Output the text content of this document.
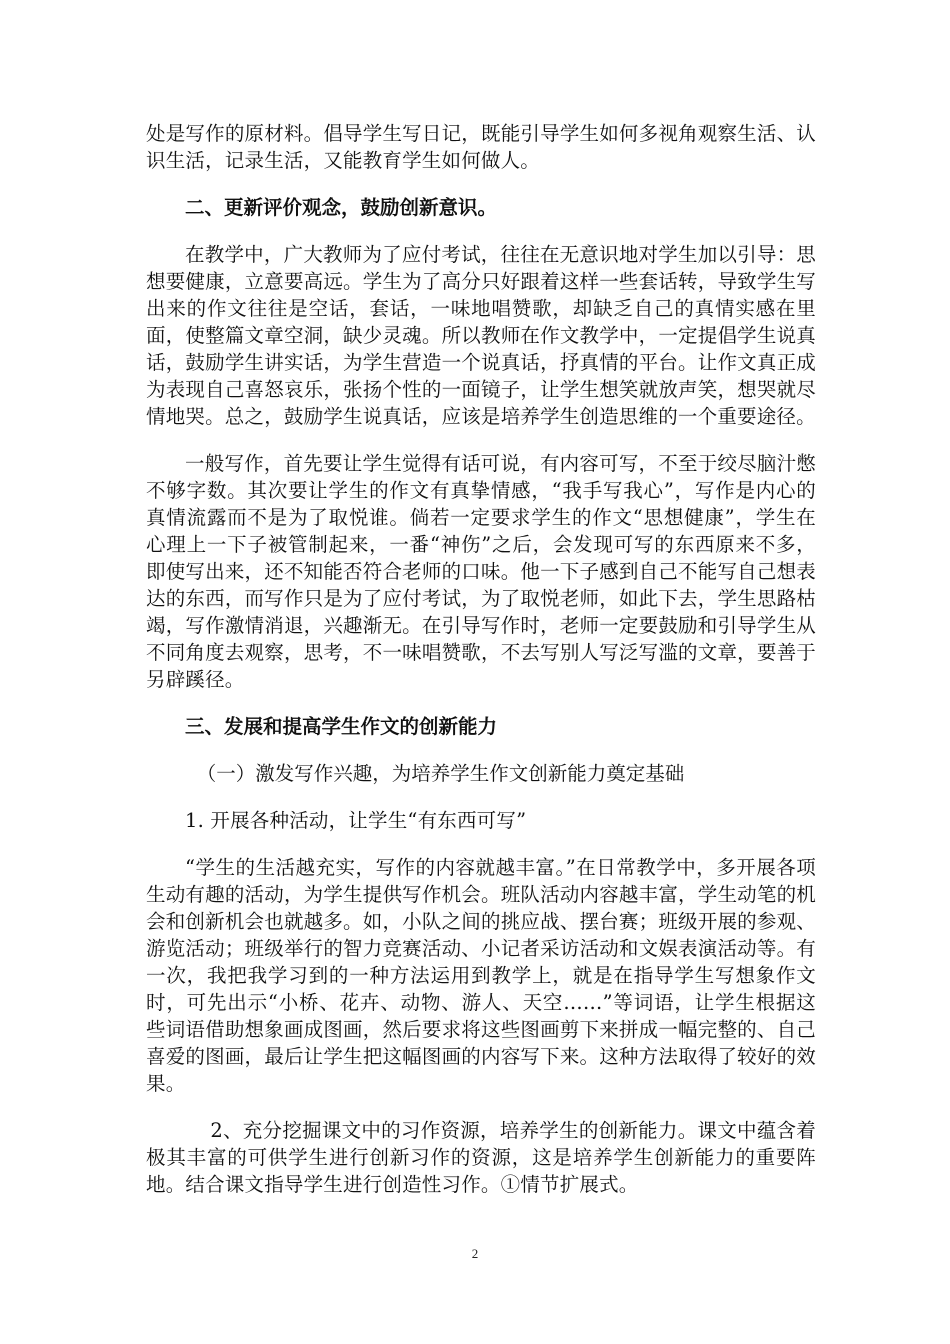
处是写作的原材料。倡导学生写日记，既能引导学生如何多视角观察生活、认识生活，记录生活，又能教育学生如何做人。

二、更新评价观念，鼓励创新意识。

在教学中，广大教师为了应付考试，往往在无意识地对学生加以引导：思想要健康，立意要高远。学生为了高分只好跟着这样一些套话转，导致学生写出来的作文往往是空话，套话，一味地唱赞歌，却缺乏自己的真情实感在里面，使整篇文章空洞，缺少灵魂。所以教师在作文教学中，一定提倡学生说真话，鼓励学生讲实话，为学生营造一个说真话，抒真情的平台。让作文真正成为表现自己喜怒哀乐，张扬个性的一面镜子，让学生想笑就放声笑，想哭就尽情地哭。总之，鼓励学生说真话，应该是培养学生创造思维的一个重要途径。

一般写作，首先要让学生觉得有话可说，有内容可写，不至于绞尽脑汁憋不够字数。其次要让学生的作文有真挚情感，“我手写我心”，写作是内心的真情流露而不是为了取悦谁。倘若一定要求学生的作文“思想健康”，学生在心理上一下子被管制起来，一番“神伤”之后，会发现可写的东西原来不多，即使写出来，还不知能否符合老师的口味。他一下子感到自己不能写自己想表达的东西，而写作只是为了应付考试，为了取悦老师，如此下去，学生思路枯竭，写作激情消退，兴趣渐无。在引导写作时，老师一定要鼓励和引导学生从不同角度去观察，思考，不一味唱赞歌，不去写别人写泛写滥的文章，要善于另辟蹊径。

三、发展和提高学生作文的创新能力

（一）激发写作兴趣，为培养学生作文创新能力奠定基础

1. 开展各种活动，让学生“有东西可写”

“学生的生活越充实，写作的内容就越丰富。”在日常教学中，多开展各项生动有趣的活动，为学生提供写作机会。班队活动内容越丰富，学生动笔的机会和创新机会也就越多。如，小队之间的挑应战、摆台赛；班级开展的参观、游览活动；班级举行的智力竞赛活动、小记者采访活动和文娱表演活动等。有一次，我把我学习到的一种方法运用到教学上，就是在指导学生写想象作文时，可先出示“小桥、花卉、动物、游人、天空……”等词语，让学生根据这些词语借助想象画成图画，然后要求将这些图画剪下来拼成一幅完整的、自己喜爱的图画，最后让学生把这幅图画的内容写下来。这种方法取得了较好的效果。

2、充分挖掘课文中的习作资源，培养学生的创新能力。课文中蕴含着极其丰富的可供学生进行创新习作的资源，这是培养学生创新能力的重要阵地。结合课文指导学生进行创造性习作。①情节扩展式。

2
